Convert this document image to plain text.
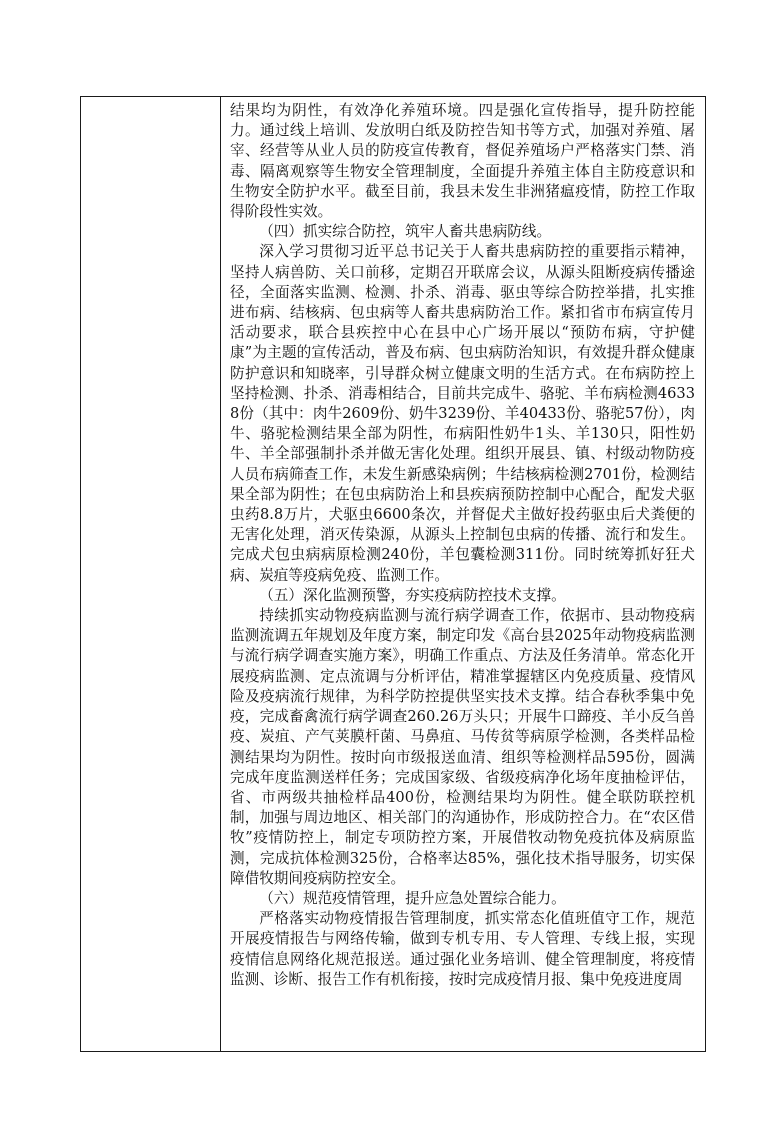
结果均为阴性，有效净化养殖环境。四是强化宣传指导，提升防控能力。通过线上培训、发放明白纸及防控告知书等方式，加强对养殖、屠宰、经营等从业人员的防疫宣传教育，督促养殖场户严格落实门禁、消毒、隔离观察等生物安全管理制度，全面提升养殖主体自主防疫意识和生物安全防护水平。截至目前，我县未发生非洲猪瘟疫情，防控工作取得阶段性实效。

（四）抓实综合防控，筑牢人畜共患病防线。

深入学习贯彻习近平总书记关于人畜共患病防控的重要指示精神，坚持人病兽防、关口前移，定期召开联席会议，从源头阻断疫病传播途径，全面落实监测、检测、扑杀、消毒、驱虫等综合防控举措，扎实推进布病、结核病、包虫病等人畜共患病防治工作。紧扣省市布病宣传月活动要求，联合县疾控中心在县中心广场开展以“预防布病，守护健康”为主题的宣传活动，普及布病、包虫病防治知识，有效提升群众健康防护意识和知晓率，引导群众树立健康文明的生活方式。在布病防控上坚持检测、扑杀、消毒相结合，目前共完成牛、骆驼、羊布病检测46338份（其中：肉牛2609份、奶牛3239份、羊40433份、骆驼57份），肉牛、骆驼检测结果全部为阴性，布病阳性奶牛1头、羊130只，阳性奶牛、羊全部强制扑杀并做无害化处理。组织开展县、镇、村级动物防疫人员布病筛查工作，未发生新感染病例；牛结核病检测2701份，检测结果全部为阴性；在包虫病防治上和县疾病预防控制中心配合，配发犬驱虫药8.8万片，犬驱虫6600条次，并督促犬主做好投药驱虫后犬粪便的无害化处理，消灭传染源，从源头上控制包虫病的传播、流行和发生。完成犬包虫病病原检测240份，羊包囊检测311份。同时统筹抓好狂犬病、炭疽等疫病免疫、监测工作。

（五）深化监测预警，夯实疫病防控技术支撑。

持续抓实动物疫病监测与流行病学调查工作，依据市、县动物疫病监测流调五年规划及年度方案，制定印发《高台县2025年动物疫病监测与流行病学调查实施方案》，明确工作重点、方法及任务清单。常态化开展疫病监测、定点流调与分析评估，精准掌握辖区内免疫质量、疫情风险及疫病流行规律，为科学防控提供坚实技术支撑。结合春秋季集中免疫，完成畜禽流行病学调查260.26万头只；开展牛口蹄疫、羊小反刍兽疫、炭疽、产气荚膜杆菌、马鼻疽、马传贫等病原学检测，各类样品检测结果均为阴性。按时向市级报送血清、组织等检测样品595份，圆满完成年度监测送样任务；完成国家级、省级疫病净化场年度抽检评估，省、市两级共抽检样品400份，检测结果均为阴性。健全联防联控机制，加强与周边地区、相关部门的沟通协作，形成防控合力。在“农区借牧”疫情防控上，制定专项防控方案，开展借牧动物免疫抗体及病原监测，完成抗体检测325份，合格率达85%，强化技术指导服务，切实保障借牧期间疫病防控安全。

（六）规范疫情管理，提升应急处置综合能力。

严格落实动物疫情报告管理制度，抓实常态化值班值守工作，规范开展疫情报告与网络传输，做到专机专用、专人管理、专线上报，实现疫情信息网络化规范报送。通过强化业务培训、健全管理制度，将疫情监测、诊断、报告工作有机衔接，按时完成疫情月报、集中免疫进度周
